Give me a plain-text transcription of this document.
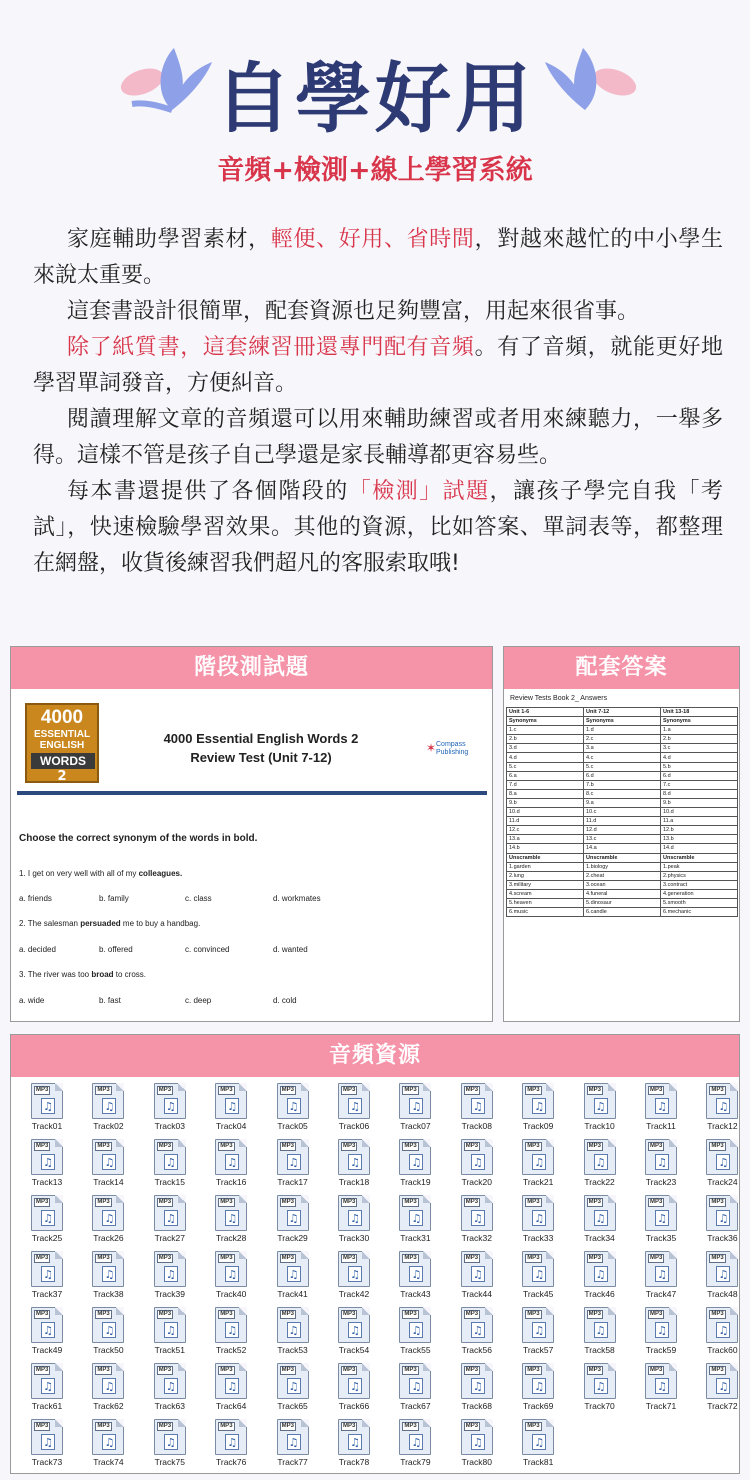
自學好用
音頻+檢測+線上學習系統

家庭輔助學習素材，輕便、好用、省時間，對越來越忙的中小學生來說太重要。

這套書設計很簡單，配套資源也足夠豐富，用起來很省事。

除了紙質書，這套練習冊還專門配有音頻。有了音頻，就能更好地學習單詞發音，方便糾音。

閱讀理解文章的音頻還可以用來輔助練習或者用來練聽力，一舉多得。這樣不管是孩子自己學還是家長輔導都更容易些。

每本書還提供了各個階段的「檢測」試題，讓孩子學完自我「考試」，快速檢驗學習效果。其他的資源，比如答案、單詞表等，都整理在網盤，收貨後練習我們超凡的客服索取哦!

階段測試題
4000
ESSENTIAL
ENGLISH
WORDS
2
4000 Essential English Words 2
Review Test (Unit 7-12)
✶ Compass
Publishing
Choose the correct synonym of the words in bold.
1. I get on very well with all of my colleagues.
a. friends	b. family	c. class	d. workmates
2. The salesman persuaded me to buy a handbag.
a. decided	b. offered	c. convinced	d. wanted
3. The river was too broad to cross.
a. wide	b. fast	c. deep	d. cold
配套答案
Review Tests Book 2_ Answers
Unit 1-6	Unit 7-12	Unit 13-18
Synonyms	Synonyms	Synonyms
1.c	1.d	1.a
2.b	2.c	2.b
3.d	3.a	3.c
4.d	4.c	4.d
5.c	5.c	5.b
6.a	6.d	6.d
7.d	7.b	7.c
8.a	8.c	8.d
9.b	9.a	9.b
10.d	10.c	10.d
11.d	11.d	11.a
12.c	12.d	12.b
13.a	13.c	13.b
14.b	14.a	14.d
Unscramble	Unscramble	Unscramble
1.garden	1.biology	1.peak
2.lung	2.cheat	2.physics
3.military	3.ocean	3.contract
4.scream	4.funeral	4.generation
5.heaven	5.dinosaur	5.smooth
6.music	6.candle	6.mechanic
音頻資源
MP3
♫
Track01
MP3
♫
Track02
MP3
♫
Track03
MP3
♫
Track04
MP3
♫
Track05
MP3
♫
Track06
MP3
♫
Track07
MP3
♫
Track08
MP3
♫
Track09
MP3
♫
Track10
MP3
♫
Track11
MP3
♫
Track12
MP3
♫
Track13
MP3
♫
Track14
MP3
♫
Track15
MP3
♫
Track16
MP3
♫
Track17
MP3
♫
Track18
MP3
♫
Track19
MP3
♫
Track20
MP3
♫
Track21
MP3
♫
Track22
MP3
♫
Track23
MP3
♫
Track24
MP3
♫
Track25
MP3
♫
Track26
MP3
♫
Track27
MP3
♫
Track28
MP3
♫
Track29
MP3
♫
Track30
MP3
♫
Track31
MP3
♫
Track32
MP3
♫
Track33
MP3
♫
Track34
MP3
♫
Track35
MP3
♫
Track36
MP3
♫
Track37
MP3
♫
Track38
MP3
♫
Track39
MP3
♫
Track40
MP3
♫
Track41
MP3
♫
Track42
MP3
♫
Track43
MP3
♫
Track44
MP3
♫
Track45
MP3
♫
Track46
MP3
♫
Track47
MP3
♫
Track48
MP3
♫
Track49
MP3
♫
Track50
MP3
♫
Track51
MP3
♫
Track52
MP3
♫
Track53
MP3
♫
Track54
MP3
♫
Track55
MP3
♫
Track56
MP3
♫
Track57
MP3
♫
Track58
MP3
♫
Track59
MP3
♫
Track60
MP3
♫
Track61
MP3
♫
Track62
MP3
♫
Track63
MP3
♫
Track64
MP3
♫
Track65
MP3
♫
Track66
MP3
♫
Track67
MP3
♫
Track68
MP3
♫
Track69
MP3
♫
Track70
MP3
♫
Track71
MP3
♫
Track72
MP3
♫
Track73
MP3
♫
Track74
MP3
♫
Track75
MP3
♫
Track76
MP3
♫
Track77
MP3
♫
Track78
MP3
♫
Track79
MP3
♫
Track80
MP3
♫
Track81
